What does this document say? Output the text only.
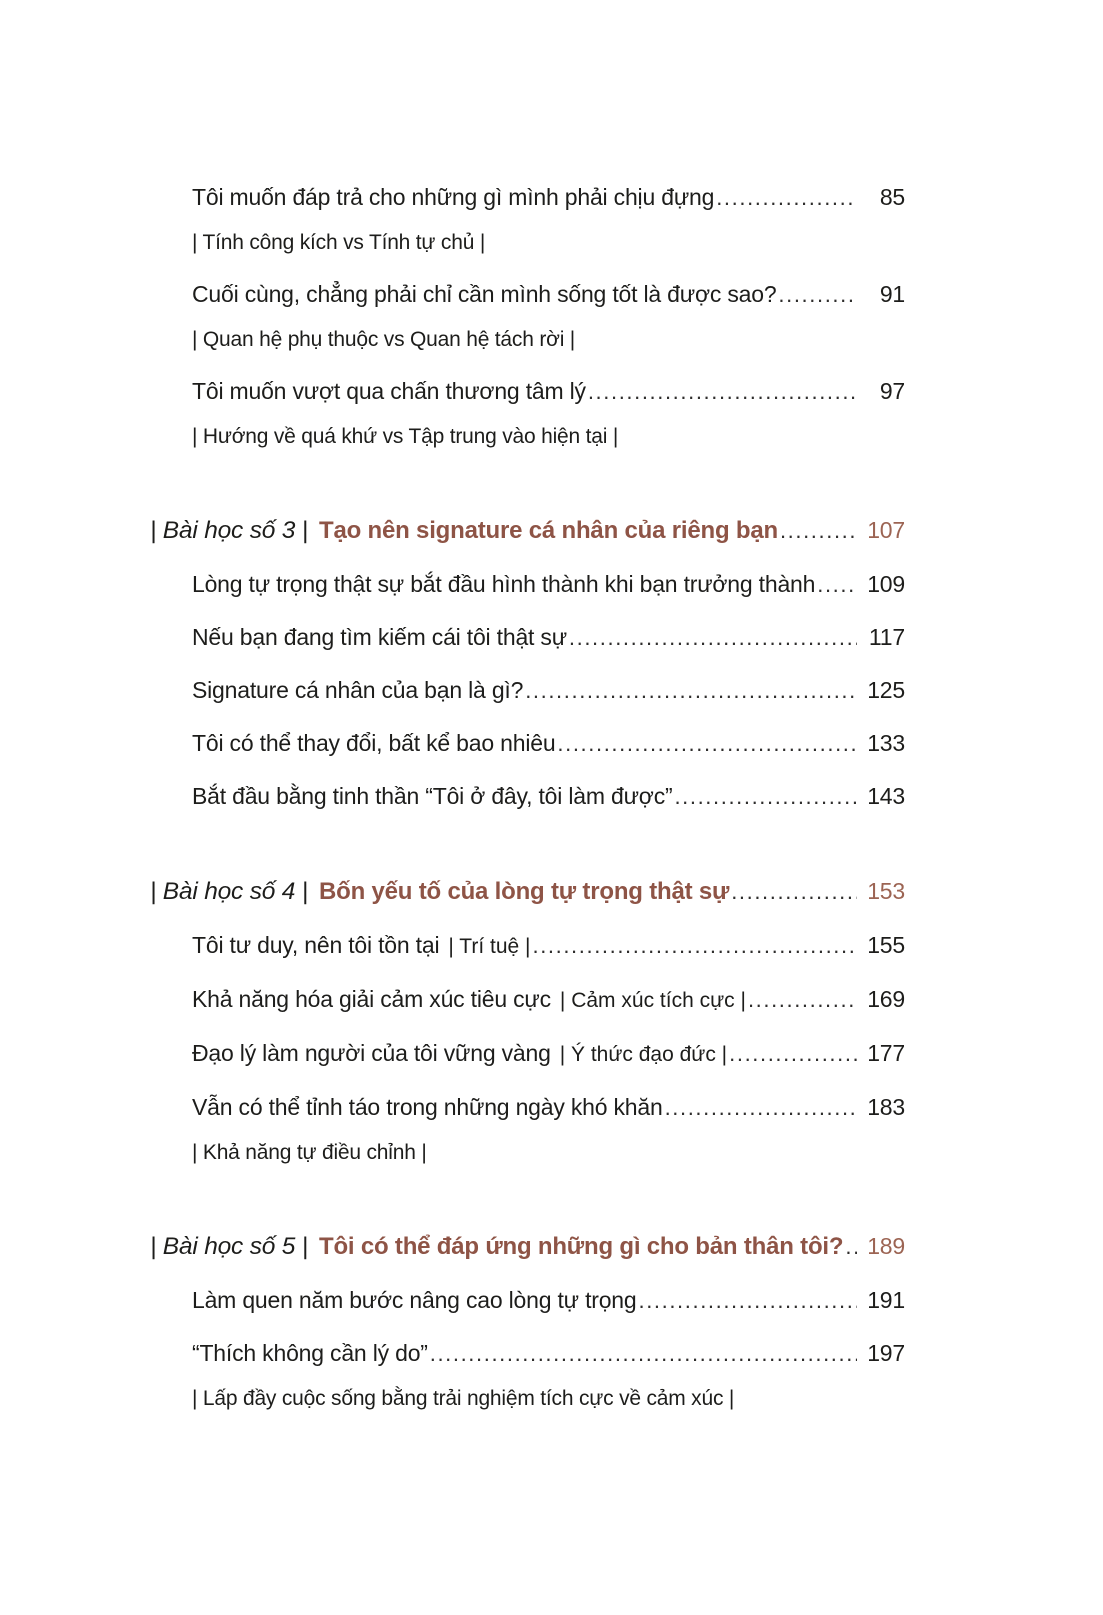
Tôi muốn đáp trả cho những gì mình phải chịu đựng .....	85
| Tính công kích vs Tính tự chủ |
Cuối cùng, chẳng phải chỉ cần mình sống tốt là được sao? .....	91
| Quan hệ phụ thuộc vs Quan hệ tách rời |
Tôi muốn vượt qua chấn thương tâm lý .....	97
| Hướng về quá khứ vs Tập trung vào hiện tại |
| Bài học số 3 | Tạo nên signature cá nhân của riêng bạn .....	107
Lòng tự trọng thật sự bắt đầu hình thành khi bạn trưởng thành ..... 109
Nếu bạn đang tìm kiếm cái tôi thật sự .....	117
Signature cá nhân của bạn là gì? .....	125
Tôi có thể thay đổi, bất kể bao nhiêu .....	133
Bắt đầu bằng tinh thần “Tôi ở đây, tôi làm được” .....	143
| Bài học số 4 | Bốn yếu tố của lòng tự trọng thật sự .....	153
Tôi tư duy, nên tôi tồn tại | Trí tuệ | .....	155
Khả năng hóa giải cảm xúc tiêu cực | Cảm xúc tích cực | .....	169
Đạo lý làm người của tôi vững vàng | Ý thức đạo đức | .....	177
Vẫn có thể tỉnh táo trong những ngày khó khăn .....	183
| Khả năng tự điều chỉnh |
| Bài học số 5 | Tôi có thể đáp ứng những gì cho bản thân tôi? ..... 189
Làm quen năm bước nâng cao lòng tự trọng .....	191
“Thích không cần lý do” .....	197
| Lấp đầy cuộc sống bằng trải nghiệm tích cực về cảm xúc |
